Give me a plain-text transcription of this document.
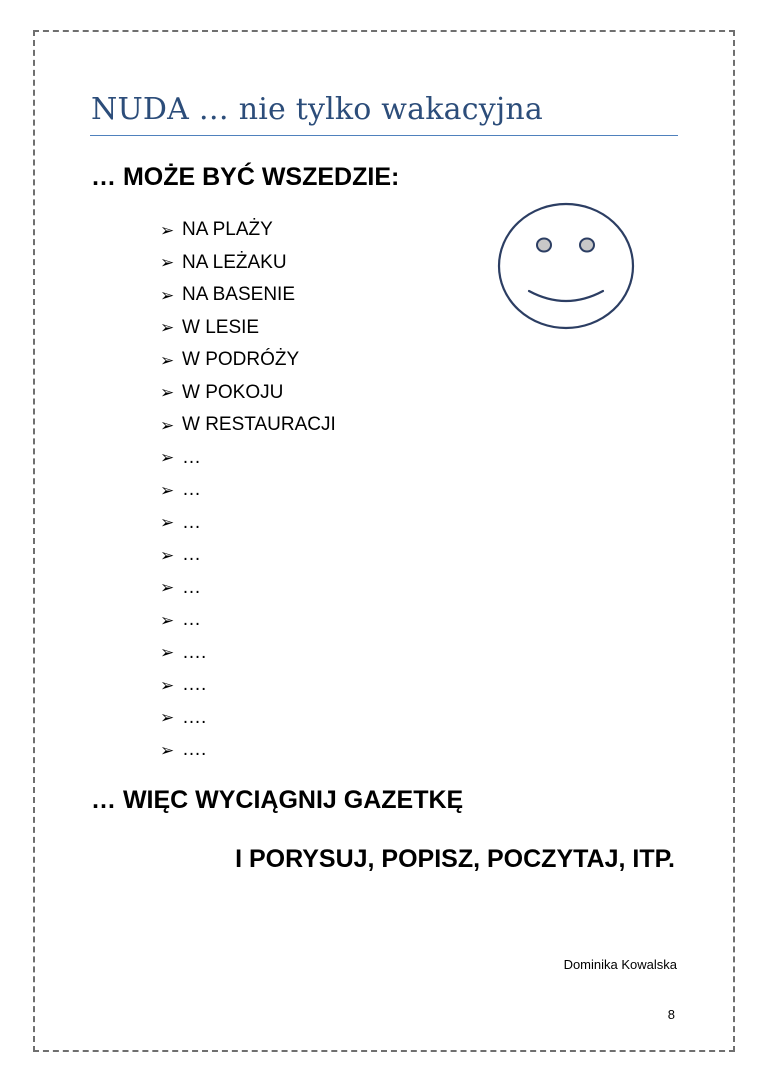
NUDA … nie tylko wakacyjna
… MOŻE BYĆ WSZEDZIE:
➢ NA PLAŻY
➢ NA LEŻAKU
➢ NA BASENIE
➢ W LESIE
➢ W PODRÓŻY
➢ W POKOJU
➢ W RESTAURACJI
➢ …
➢ …
➢ …
➢ …
➢ …
➢ …
➢ ….
➢ ….
➢ ….
➢ ….
… WIĘC WYCIĄGNIJ GAZETKĘ
I PORYSUJ, POPISZ, POCZYTAJ, ITP.
Dominika Kowalska
8
